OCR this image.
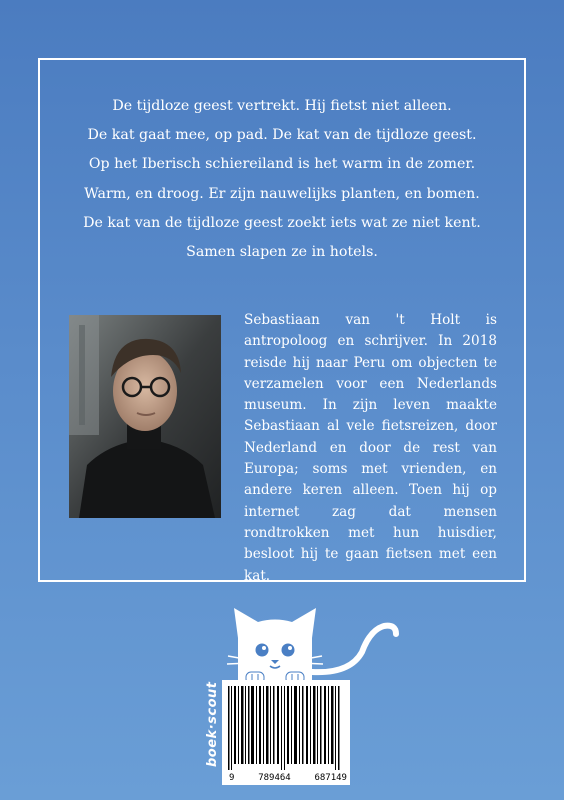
De tijdloze geest vertrekt. Hij fietst niet alleen.
De kat gaat mee, op pad. De kat van de tijdloze geest.
Op het Iberisch schiereiland is het warm in de zomer.
Warm, en droog. Er zijn nauwelijks planten, en bomen.
De kat van de tijdloze geest zoekt iets wat ze niet kent.
Samen slapen ze in hotels.
Sebastiaan van 't Holt is antropoloog en schrijver. In 2018 reisde hij naar Peru om objecten te verzamelen voor een Nederlands museum. In zijn leven maakte Sebastiaan al vele fietsreizen, door Nederland en door de rest van Europa; soms met vrienden, en andere keren alleen. Toen hij op internet zag dat mensen rondtrokken met hun huisdier, besloot hij te gaan fietsen met een kat.
9	789464	687149
boek·scout
